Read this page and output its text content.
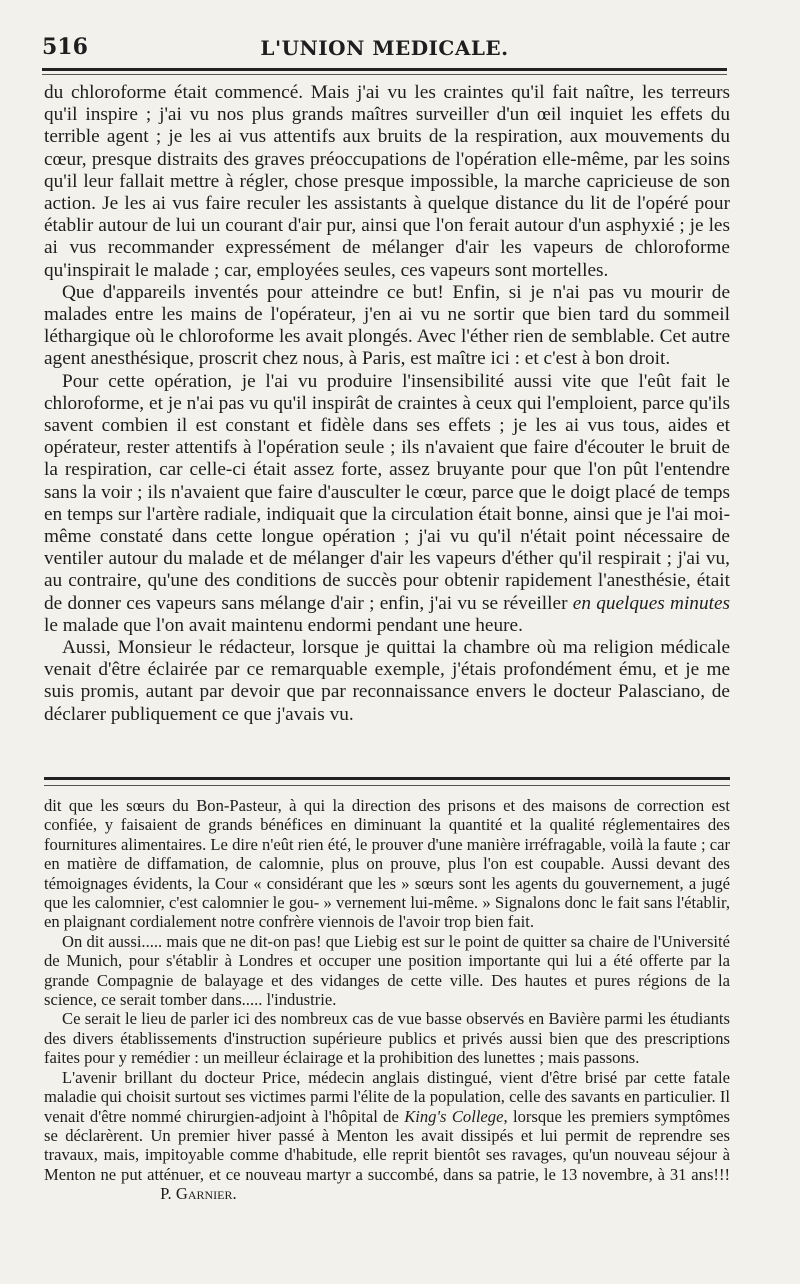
516	L'UNION MEDICALE.

du chloroforme était commencé. Mais j'ai vu les craintes qu'il fait naître, les terreurs qu'il inspire ; j'ai vu nos plus grands maîtres surveiller d'un œil inquiet les effets du terrible agent ; je les ai vus attentifs aux bruits de la respiration, aux mouvements du cœur, presque distraits des graves préoccupations de l'opération elle-même, par les soins qu'il leur fallait mettre à régler, chose presque impossible, la marche capricieuse de son action. Je les ai vus faire reculer les assistants à quelque distance du lit de l'opéré pour établir autour de lui un courant d'air pur, ainsi que l'on ferait autour d'un asphyxié ; je les ai vus recommander expressément de mélanger d'air les vapeurs de chloroforme qu'inspirait le malade ; car, employées seules, ces vapeurs sont mortelles.

Que d'appareils inventés pour atteindre ce but! Enfin, si je n'ai pas vu mourir de malades entre les mains de l'opérateur, j'en ai vu ne sortir que bien tard du sommeil léthargique où le chloroforme les avait plongés. Avec l'éther rien de semblable. Cet autre agent anesthésique, proscrit chez nous, à Paris, est maître ici : et c'est à bon droit.

Pour cette opération, je l'ai vu produire l'insensibilité aussi vite que l'eût fait le chloroforme, et je n'ai pas vu qu'il inspirât de craintes à ceux qui l'emploient, parce qu'ils savent combien il est constant et fidèle dans ses effets ; je les ai vus tous, aides et opérateur, rester attentifs à l'opération seule ; ils n'avaient que faire d'écouter le bruit de la respiration, car celle-ci était assez forte, assez bruyante pour que l'on pût l'entendre sans la voir ; ils n'avaient que faire d'ausculter le cœur, parce que le doigt placé de temps en temps sur l'artère radiale, indiquait que la circulation était bonne, ainsi que je l'ai moi-même constaté dans cette longue opération ; j'ai vu qu'il n'était point nécessaire de ventiler autour du malade et de mélanger d'air les vapeurs d'éther qu'il respirait ; j'ai vu, au contraire, qu'une des conditions de succès pour obtenir rapidement l'anesthésie, était de donner ces vapeurs sans mélange d'air ; enfin, j'ai vu se réveiller en quelques minutes le malade que l'on avait maintenu endormi pendant une heure.

Aussi, Monsieur le rédacteur, lorsque je quittai la chambre où ma religion médicale venait d'être éclairée par ce remarquable exemple, j'étais profondément ému, et je me suis promis, autant par devoir que par reconnaissance envers le docteur Palasciano, de déclarer publiquement ce que j'avais vu.

dit que les sœurs du Bon-Pasteur, à qui la direction des prisons et des maisons de correction est confiée, y faisaient de grands bénéfices en diminuant la quantité et la qualité réglementaires des fournitures alimentaires. Le dire n'eût rien été, le prouver d'une manière irréfragable, voilà la faute ; car en matière de diffamation, de calomnie, plus on prouve, plus l'on est coupable. Aussi devant des témoignages évidents, la Cour « considérant que les » sœurs sont les agents du gouvernement, a jugé que les calomnier, c'est calomnier le gou- » vernement lui-même. » Signalons donc le fait sans l'établir, en plaignant cordialement notre confrère viennois de l'avoir trop bien fait.

On dit aussi..... mais que ne dit-on pas! que Liebig est sur le point de quitter sa chaire de l'Université de Munich, pour s'établir à Londres et occuper une position importante qui lui a été offerte par la grande Compagnie de balayage et des vidanges de cette ville. Des hautes et pures régions de la science, ce serait tomber dans..... l'industrie.

Ce serait le lieu de parler ici des nombreux cas de vue basse observés en Bavière parmi les étudiants des divers établissements d'instruction supérieure publics et privés aussi bien que des prescriptions faites pour y remédier : un meilleur éclairage et la prohibition des lunettes ; mais passons.

L'avenir brillant du docteur Price, médecin anglais distingué, vient d'être brisé par cette fatale maladie qui choisit surtout ses victimes parmi l'élite de la population, celle des savants en particulier. Il venait d'être nommé chirurgien-adjoint à l'hôpital de King's College, lorsque les premiers symptômes se déclarèrent. Un premier hiver passé à Menton les avait dissipés et lui permit de reprendre ses travaux, mais, impitoyable comme d'habitude, elle reprit bientôt ses ravages, qu'un nouveau séjour à Menton ne put atténuer, et ce nouveau martyr a succombé, dans sa patrie, le 13 novembre, à 31 ans!!!                             P. Garnier.
